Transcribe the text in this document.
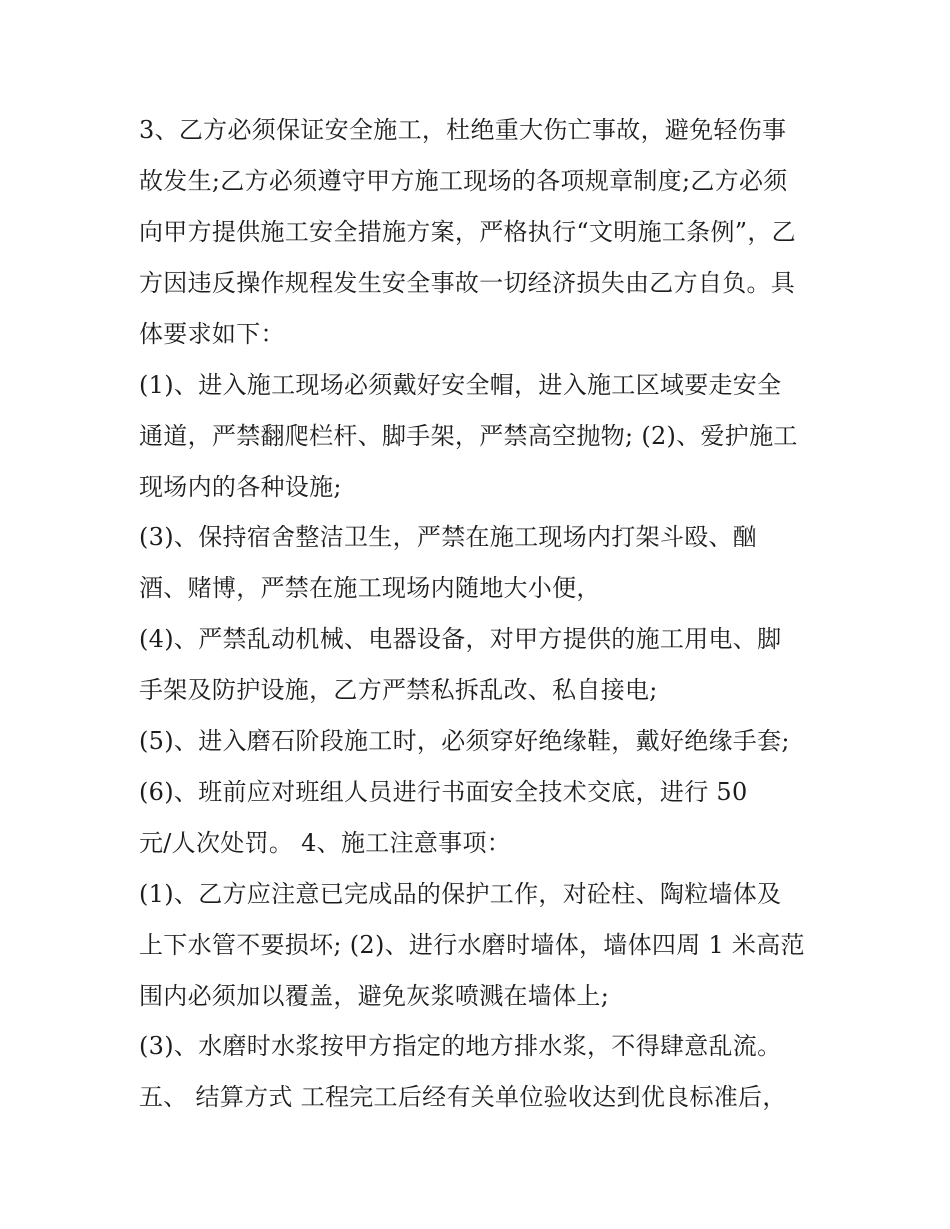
3、乙方必须保证安全施工，杜绝重大伤亡事故，避免轻伤事
故发生;乙方必须遵守甲方施工现场的各项规章制度;乙方必须
向甲方提供施工安全措施方案，严格执行“文明施工条例”，乙
方因违反操作规程发生安全事故一切经济损失由乙方自负。具
体要求如下：
(1)、进入施工现场必须戴好安全帽，进入施工区域要走安全
通道，严禁翻爬栏杆、脚手架，严禁高空抛物; (2)、爱护施工
现场内的各种设施;
(3)、保持宿舍整洁卫生，严禁在施工现场内打架斗殴、酗
酒、赌博，严禁在施工现场内随地大小便，
(4)、严禁乱动机械、电器设备，对甲方提供的施工用电、脚
手架及防护设施，乙方严禁私拆乱改、私自接电;
(5)、进入磨石阶段施工时，必须穿好绝缘鞋，戴好绝缘手套;
(6)、班前应对班组人员进行书面安全技术交底，进行 50
元/人次处罚。 4、施工注意事项：
(1)、乙方应注意已完成品的保护工作，对砼柱、陶粒墙体及
上下水管不要损坏; (2)、进行水磨时墙体，墙体四周 1 米高范
围内必须加以覆盖，避免灰浆喷溅在墙体上;
(3)、水磨时水浆按甲方指定的地方排水浆，不得肆意乱流。
五、 结算方式 工程完工后经有关单位验收达到优良标准后，
